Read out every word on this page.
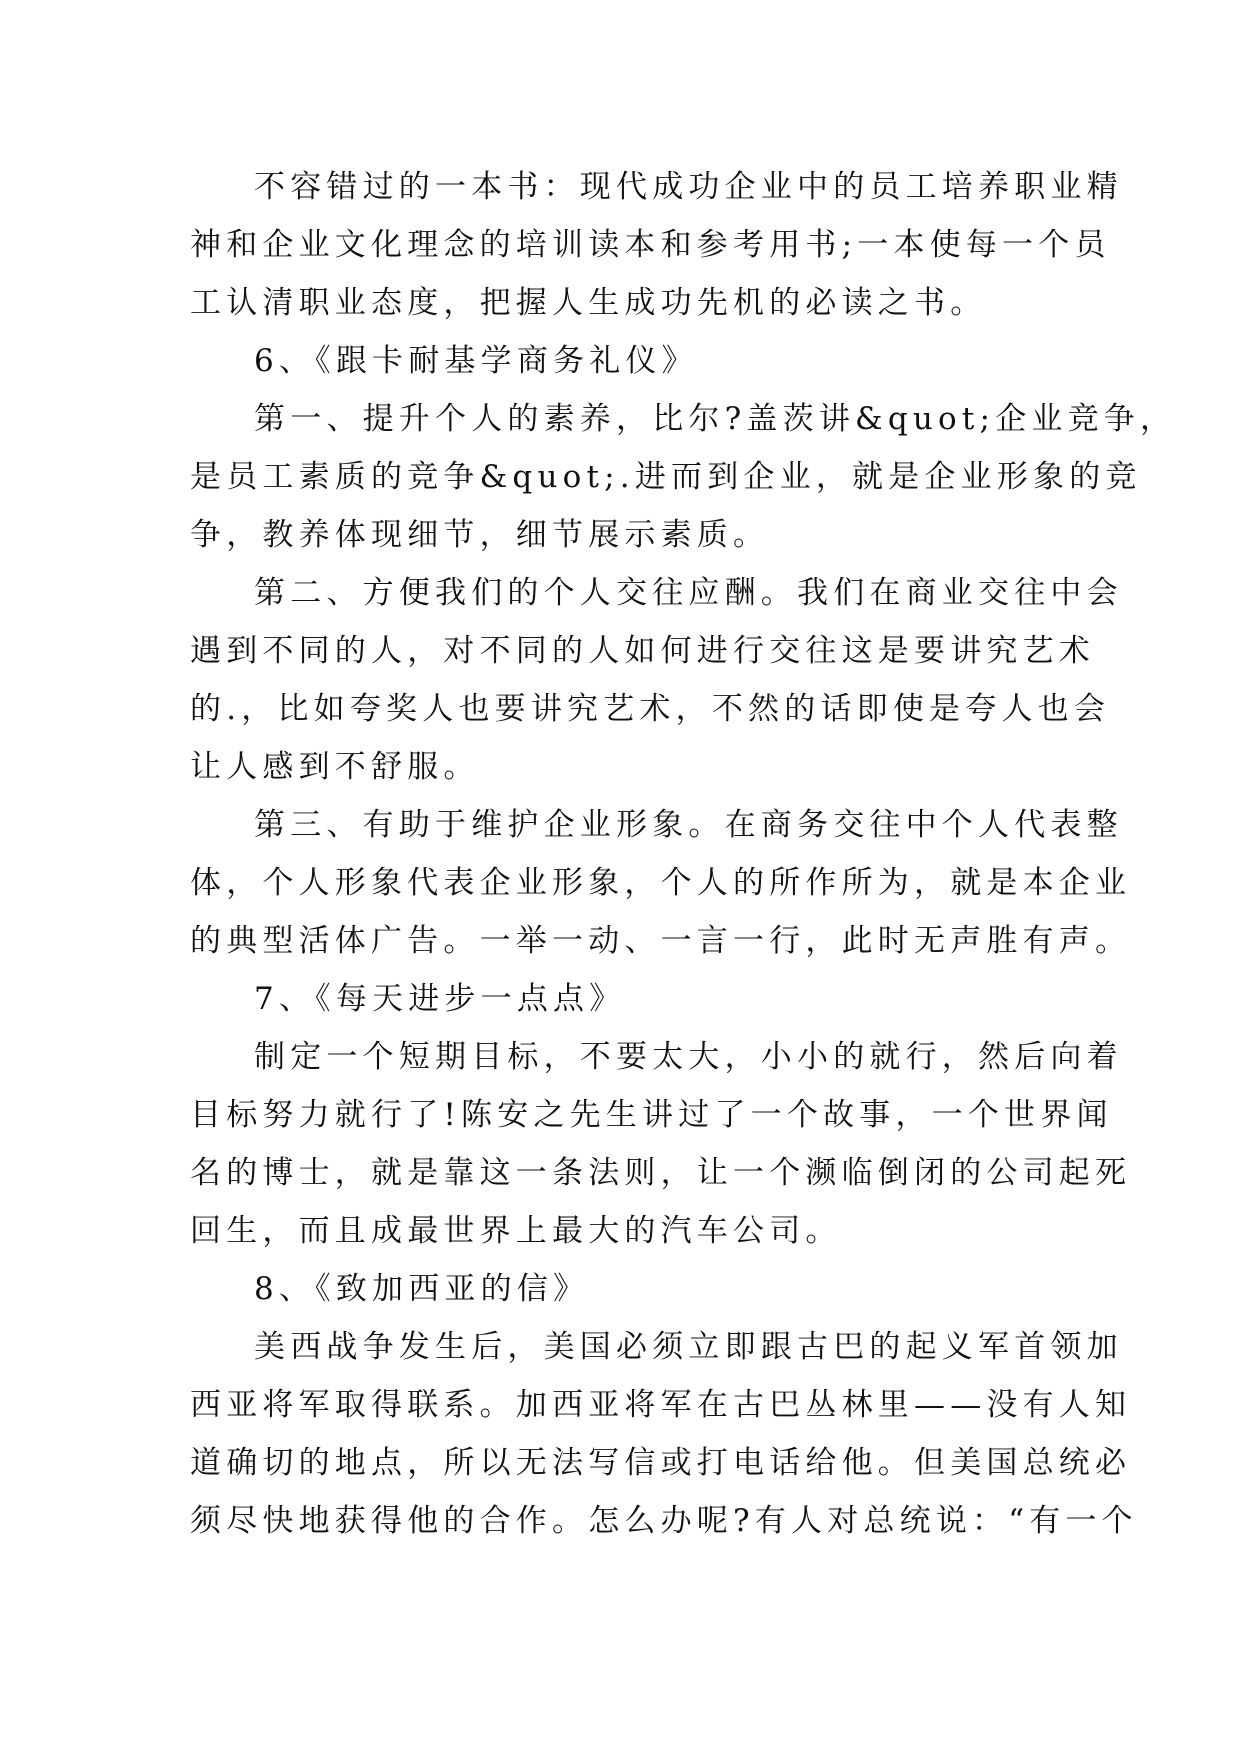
不容错过的一本书：现代成功企业中的员工培养职业精
神和企业文化理念的培训读本和参考用书;一本使每一个员
工认清职业态度，把握人生成功先机的必读之书。
6、《跟卡耐基学商务礼仪》
第一、提升个人的素养，比尔?盖茨讲&quot;企业竞争，
是员工素质的竞争&quot;.进而到企业，就是企业形象的竞
争，教养体现细节，细节展示素质。
第二、方便我们的个人交往应酬。我们在商业交往中会
遇到不同的人，对不同的人如何进行交往这是要讲究艺术
的.，比如夸奖人也要讲究艺术，不然的话即使是夸人也会
让人感到不舒服。
第三、有助于维护企业形象。在商务交往中个人代表整
体，个人形象代表企业形象，个人的所作所为，就是本企业
的典型活体广告。一举一动、一言一行，此时无声胜有声。
7、《每天进步一点点》
制定一个短期目标，不要太大，小小的就行，然后向着
目标努力就行了!陈安之先生讲过了一个故事，一个世界闻
名的博士，就是靠这一条法则，让一个濒临倒闭的公司起死
回生，而且成最世界上最大的汽车公司。
8、《致加西亚的信》
美西战争发生后，美国必须立即跟古巴的起义军首领加
西亚将军取得联系。加西亚将军在古巴丛林里——没有人知
道确切的地点，所以无法写信或打电话给他。但美国总统必
须尽快地获得他的合作。怎么办呢?有人对总统说：“有一个
